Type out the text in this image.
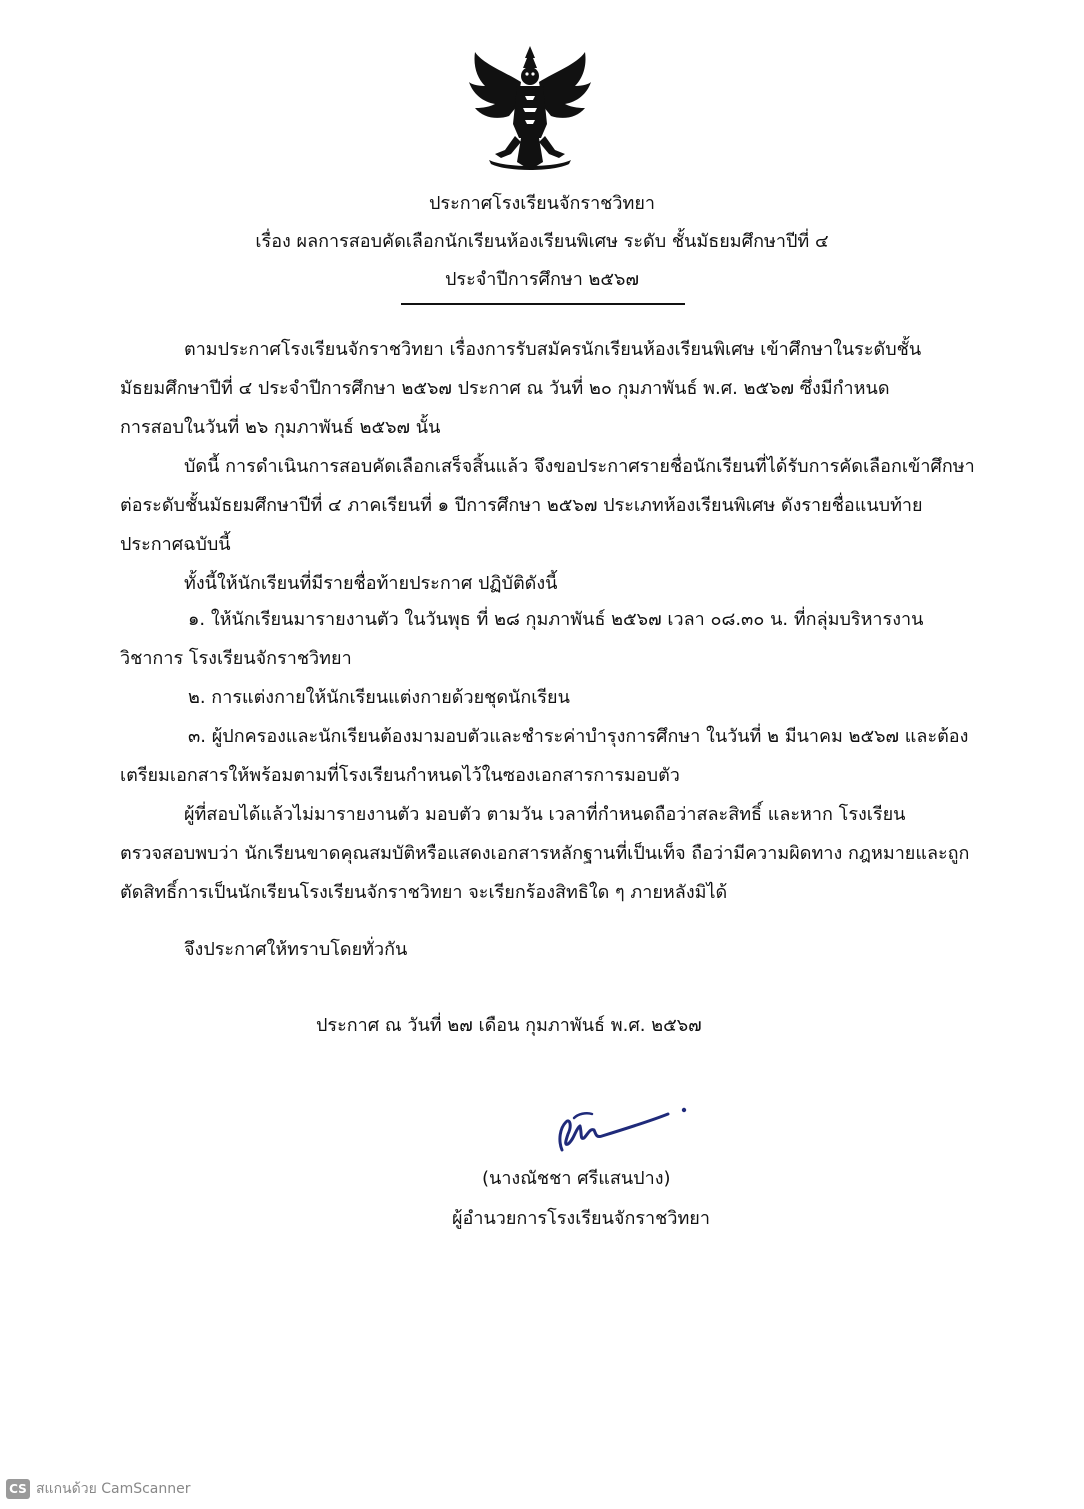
ประกาศโรงเรียนจักราชวิทยา
เรื่อง ผลการสอบคัดเลือกนักเรียนห้องเรียนพิเศษ ระดับ ชั้นมัธยมศึกษาปีที่ ๔
ประจำปีการศึกษา ๒๕๖๗
ตามประกาศโรงเรียนจักราชวิทยา เรื่องการรับสมัครนักเรียนห้องเรียนพิเศษ เข้าศึกษาในระดับชั้น
มัธยมศึกษาปีที่ ๔ ประจำปีการศึกษา ๒๕๖๗ ประกาศ ณ วันที่ ๒๐ กุมภาพันธ์ พ.ศ. ๒๕๖๗ ซึ่งมีกำหนด
การสอบในวันที่ ๒๖ กุมภาพันธ์ ๒๕๖๗ นั้น
บัดนี้ การดำเนินการสอบคัดเลือกเสร็จสิ้นแล้ว จึงขอประกาศรายชื่อนักเรียนที่ได้รับการคัดเลือกเข้าศึกษา
ต่อระดับชั้นมัธยมศึกษาปีที่ ๔ ภาคเรียนที่ ๑ ปีการศึกษา ๒๕๖๗ ประเภทห้องเรียนพิเศษ ดังรายชื่อแนบท้าย
ประกาศฉบับนี้
ทั้งนี้ให้นักเรียนที่มีรายชื่อท้ายประกาศ ปฏิบัติดังนี้
๑. ให้นักเรียนมารายงานตัว ในวันพุธ ที่ ๒๘ กุมภาพันธ์ ๒๕๖๗ เวลา ๐๘.๓๐ น. ที่กลุ่มบริหารงาน
วิชาการ โรงเรียนจักราชวิทยา
๒. การแต่งกายให้นักเรียนแต่งกายด้วยชุดนักเรียน
๓. ผู้ปกครองและนักเรียนต้องมามอบตัวและชำระค่าบำรุงการศึกษา ในวันที่ ๒ มีนาคม ๒๕๖๗ และต้อง
เตรียมเอกสารให้พร้อมตามที่โรงเรียนกำหนดไว้ในซองเอกสารการมอบตัว
ผู้ที่สอบได้แล้วไม่มารายงานตัว มอบตัว ตามวัน เวลาที่กำหนดถือว่าสละสิทธิ์ และหาก โรงเรียน
ตรวจสอบพบว่า นักเรียนขาดคุณสมบัติหรือแสดงเอกสารหลักฐานที่เป็นเท็จ ถือว่ามีความผิดทาง กฎหมายและถูก
ตัดสิทธิ์การเป็นนักเรียนโรงเรียนจักราชวิทยา จะเรียกร้องสิทธิใด ๆ ภายหลังมิได้
จึงประกาศให้ทราบโดยทั่วกัน
ประกาศ ณ วันที่ ๒๗ เดือน กุมภาพันธ์ พ.ศ. ๒๕๖๗
(นางณัชชา ศรีแสนปาง)
ผู้อำนวยการโรงเรียนจักราชวิทยา
CS สแกนด้วย CamScanner
